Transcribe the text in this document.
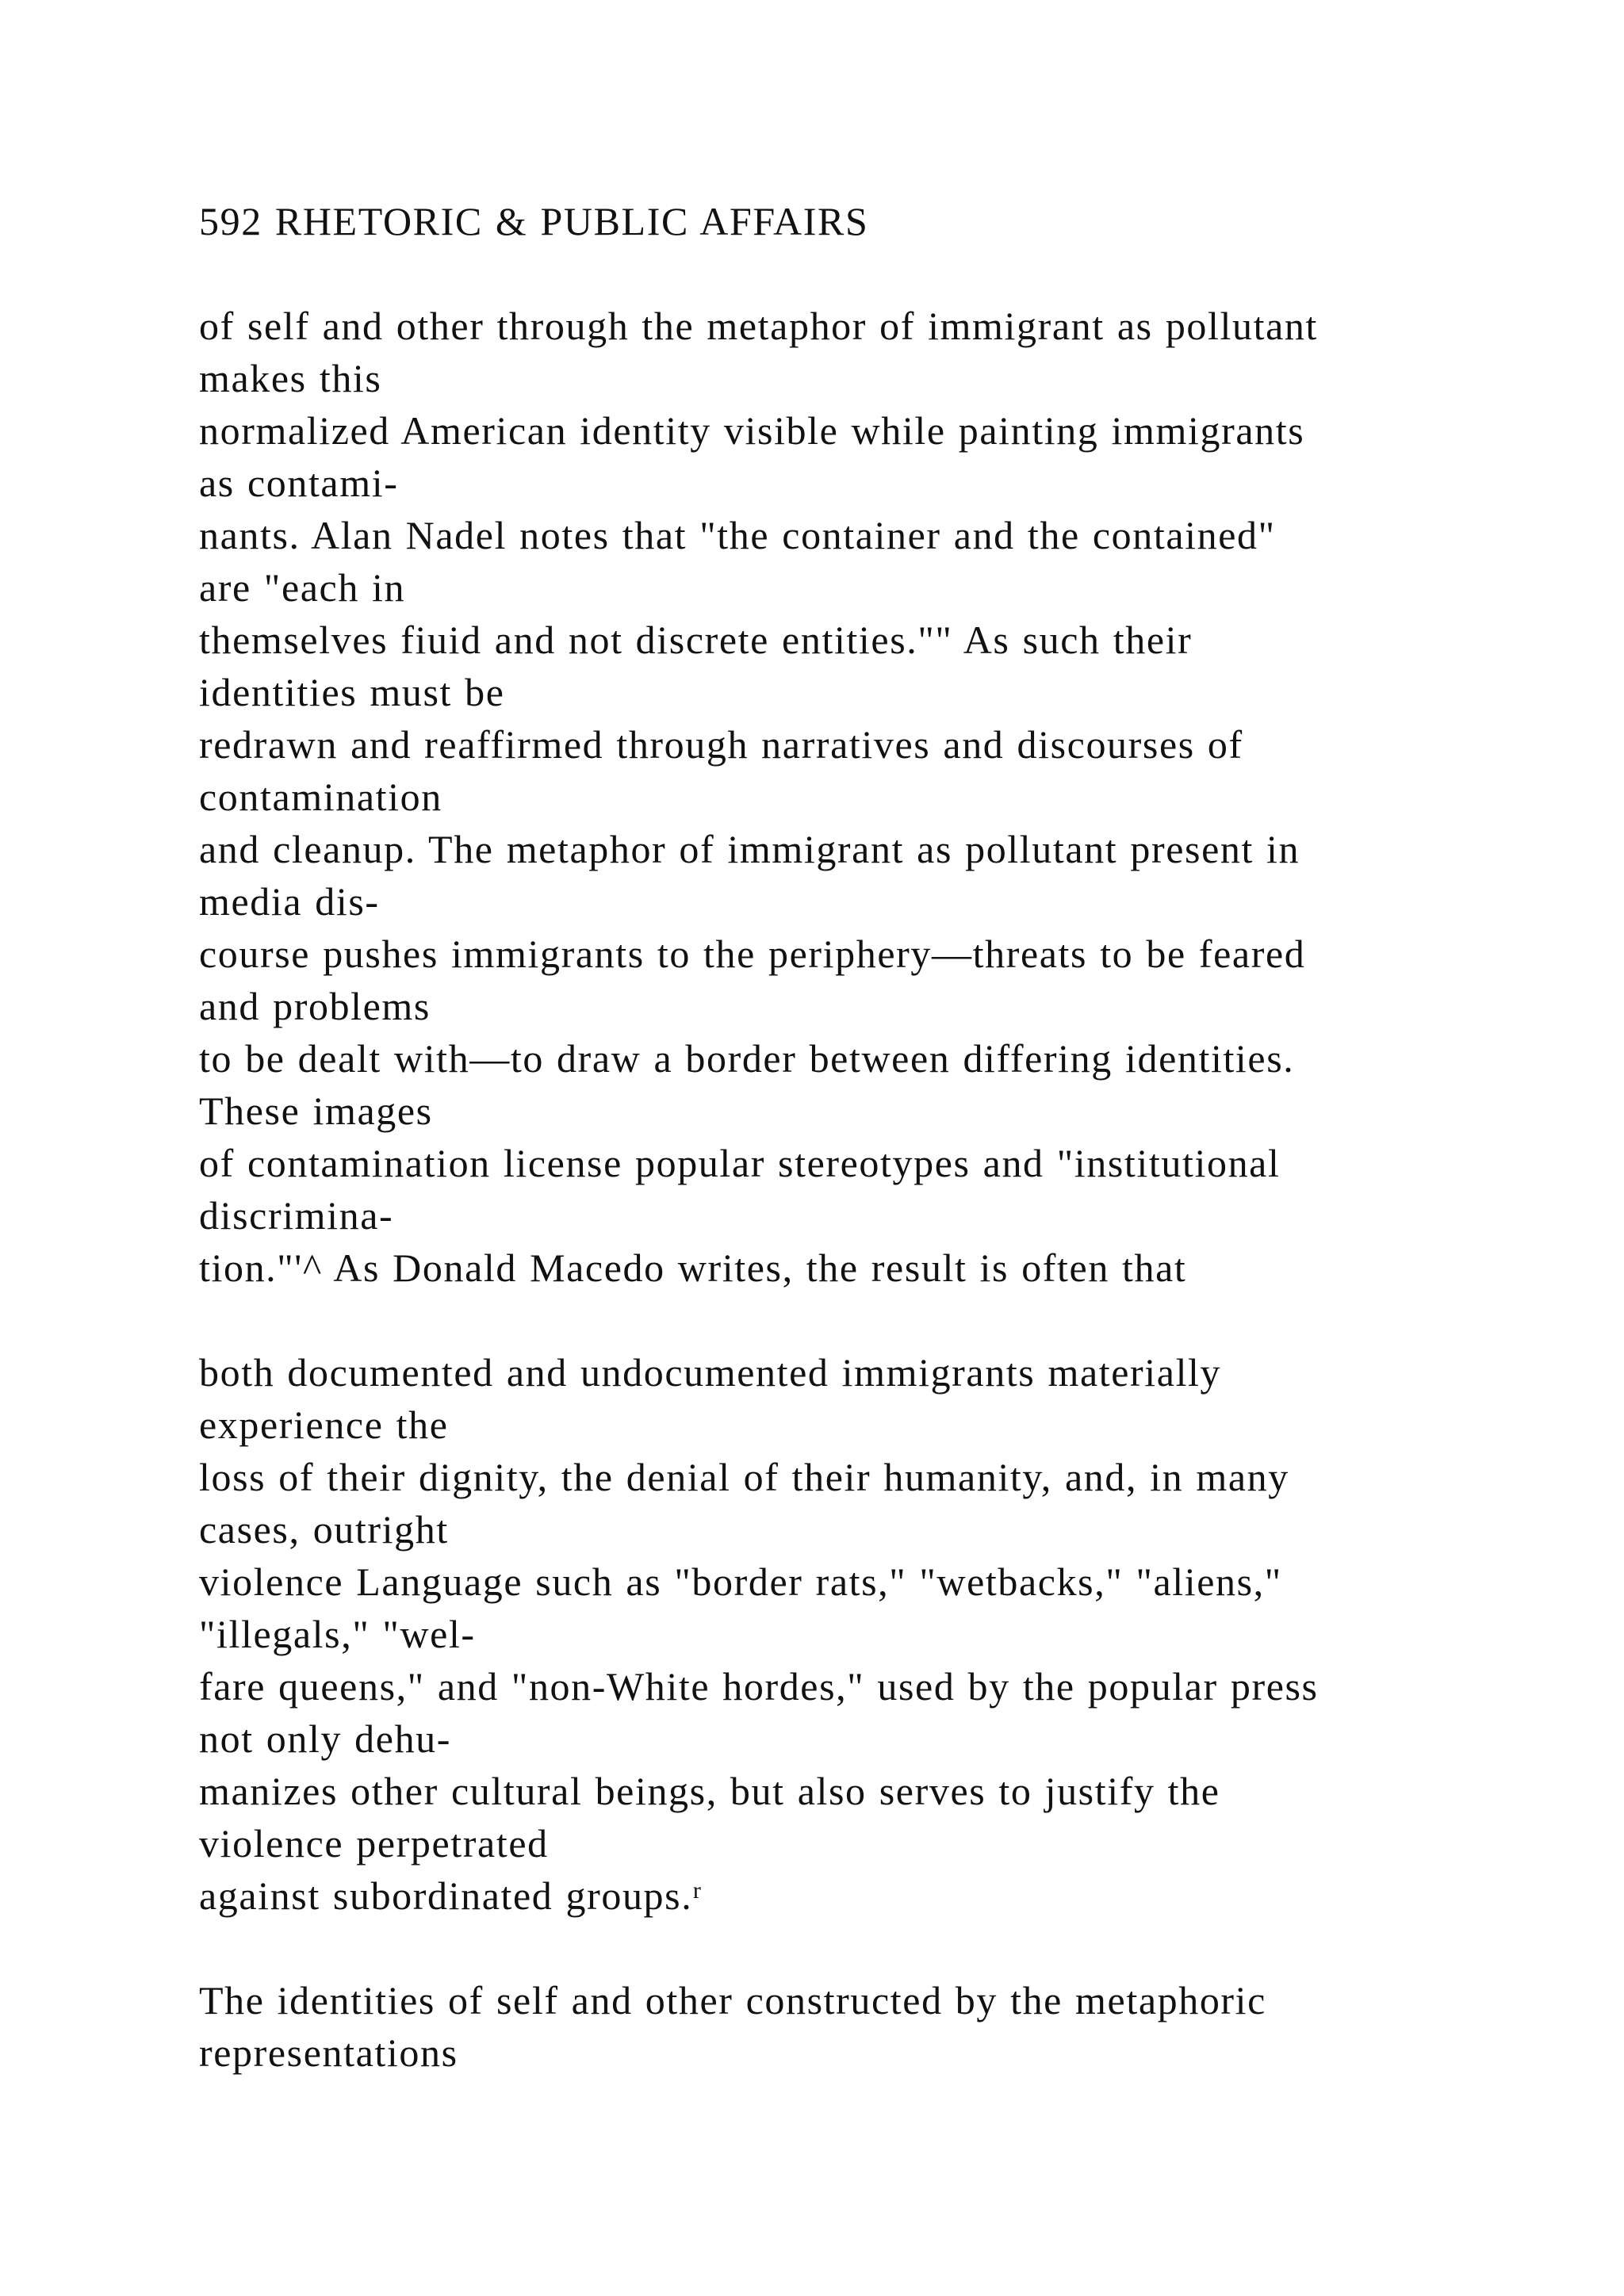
592 RHETORIC & PUBLIC AFFAIRS
of self and other through the metaphor of immigrant as pollutant
makes this
normalized American identity visible while painting immigrants
as contami-
nants. Alan Nadel notes that "the container and the contained"
are "each in
themselves fiuid and not discrete entities."" As such their
identities must be
redrawn and reaffirmed through narratives and discourses of
contamination
and cleanup. The metaphor of immigrant as pollutant present in
media dis-
course pushes immigrants to the periphery—threats to be feared
and problems
to be dealt with—to draw a border between differing identities.
These images
of contamination license popular stereotypes and "institutional
discrimina-
tion."'^ As Donald Macedo writes, the result is often that
both documented and undocumented immigrants materially
experience the
loss of their dignity, the denial of their humanity, and, in many
cases, outright
violence Language such as "border rats," "wetbacks," "aliens,"
"illegals," "wel-
fare queens," and "non-White hordes," used by the popular press
not only dehu-
manizes other cultural beings, but also serves to justify the
violence perpetrated
against subordinated groups.ʳ
The identities of self and other constructed by the metaphoric
representations
